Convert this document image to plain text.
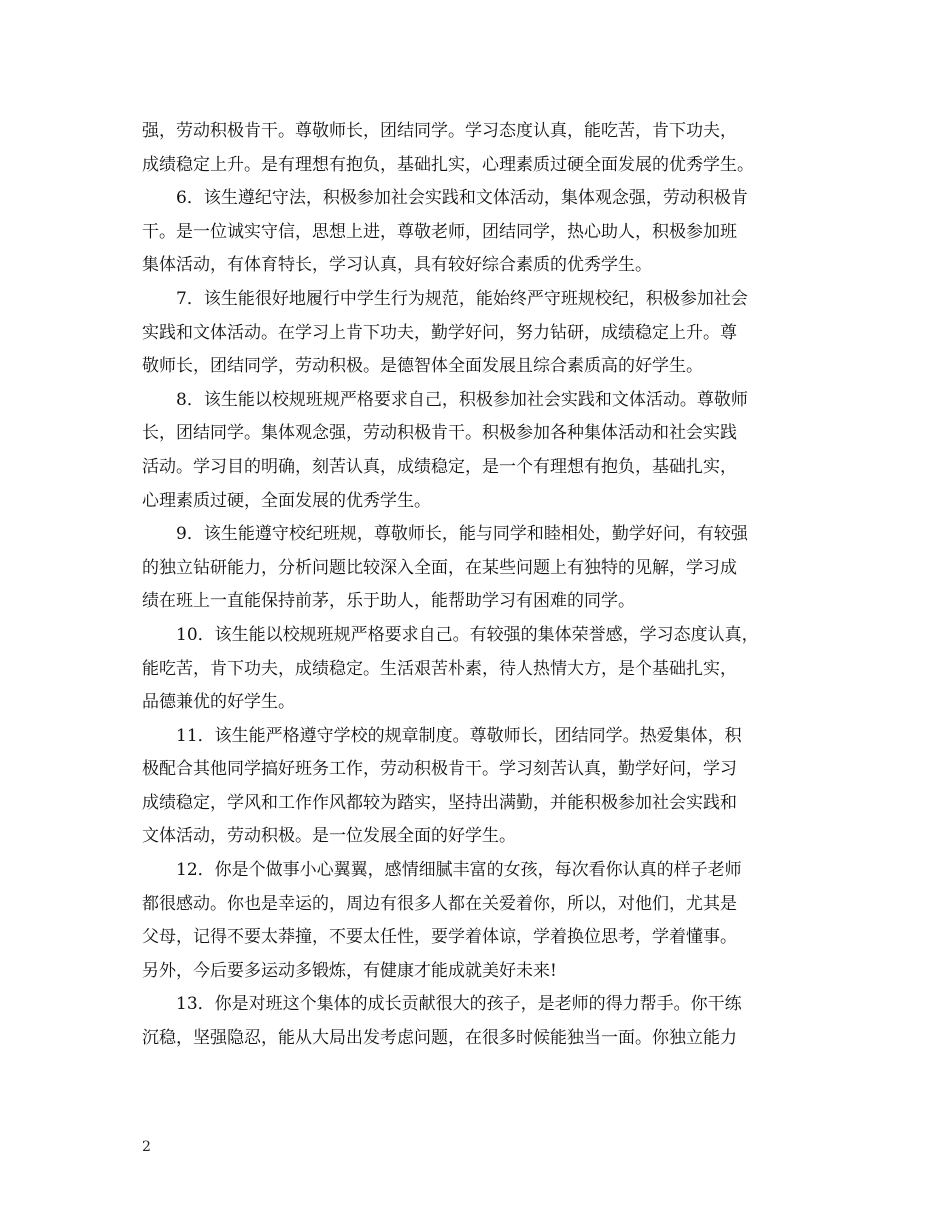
强，劳动积极肯干。尊敬师长，团结同学。学习态度认真，能吃苦，肯下功夫，
成绩稳定上升。是有理想有抱负，基础扎实，心理素质过硬全面发展的优秀学生。

6．该生遵纪守法，积极参加社会实践和文体活动，集体观念强，劳动积极肯
干。是一位诚实守信，思想上进，尊敬老师，团结同学，热心助人，积极参加班
集体活动，有体育特长，学习认真，具有较好综合素质的优秀学生。

7．该生能很好地履行中学生行为规范，能始终严守班规校纪，积极参加社会
实践和文体活动。在学习上肯下功夫，勤学好问，努力钻研，成绩稳定上升。尊
敬师长，团结同学，劳动积极。是德智体全面发展且综合素质高的好学生。

8．该生能以校规班规严格要求自己，积极参加社会实践和文体活动。尊敬师
长，团结同学。集体观念强，劳动积极肯干。积极参加各种集体活动和社会实践
活动。学习目的明确，刻苦认真，成绩稳定，是一个有理想有抱负，基础扎实，
心理素质过硬，全面发展的优秀学生。

9．该生能遵守校纪班规，尊敬师长，能与同学和睦相处，勤学好问，有较强
的独立钻研能力，分析问题比较深入全面，在某些问题上有独特的见解，学习成
绩在班上一直能保持前茅，乐于助人，能帮助学习有困难的同学。

10．该生能以校规班规严格要求自己。有较强的集体荣誉感，学习态度认真，
能吃苦，肯下功夫，成绩稳定。生活艰苦朴素，待人热情大方，是个基础扎实，
品德兼优的好学生。

11．该生能严格遵守学校的规章制度。尊敬师长，团结同学。热爱集体，积
极配合其他同学搞好班务工作，劳动积极肯干。学习刻苦认真，勤学好问，学习
成绩稳定，学风和工作作风都较为踏实，坚持出满勤，并能积极参加社会实践和
文体活动，劳动积极。是一位发展全面的好学生。

12．你是个做事小心翼翼，感情细腻丰富的女孩，每次看你认真的样子老师
都很感动。你也是幸运的，周边有很多人都在关爱着你，所以，对他们，尤其是
父母，记得不要太莽撞，不要太任性，要学着体谅，学着换位思考，学着懂事。
另外，今后要多运动多锻炼，有健康才能成就美好未来!

13．你是对班这个集体的成长贡献很大的孩子，是老师的得力帮手。你干练
沉稳，坚强隐忍，能从大局出发考虑问题，在很多时候能独当一面。你独立能力

2
